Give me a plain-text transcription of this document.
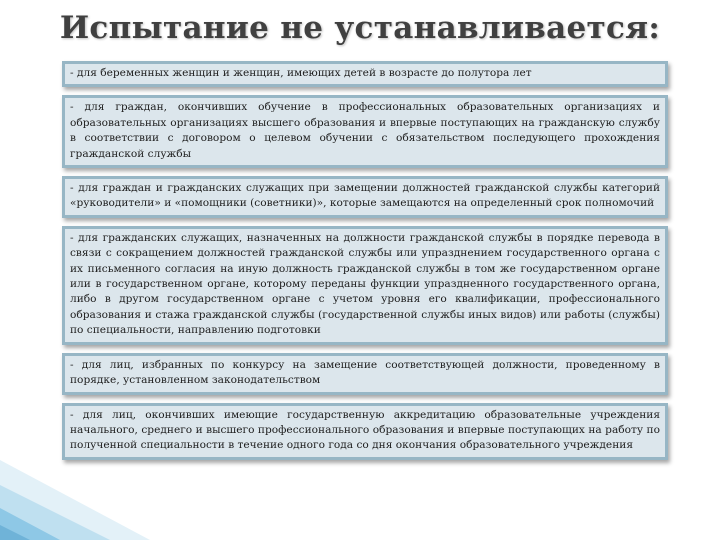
Испытание не устанавливается:
- для беременных женщин и женщин, имеющих детей в возрасте до полутора лет
- для граждан, окончивших обучение в профессиональных образовательных организациях и образовательных организациях высшего образования и впервые поступающих на гражданскую службу в соответствии с договором о целевом обучении с обязательством последующего прохождения гражданской службы
- для граждан и гражданских служащих при замещении должностей гражданской службы категорий «руководители» и «помощники (советники)», которые замещаются на определенный срок полномочий
- для гражданских служащих, назначенных на должности гражданской службы в порядке перевода в связи с сокращением должностей гражданской службы или упразднением государственного органа с их письменного согласия на иную должность гражданской службы в том же государственном органе или в государственном органе, которому переданы функции упраздненного государственного органа, либо в другом государственном органе с учетом уровня его квалификации, профессионального образования и стажа гражданской службы (государственной службы иных видов) или работы (службы) по специальности, направлению подготовки
- для лиц, избранных по конкурсу на замещение соответствующей должности, проведенному в порядке, установленном законодательством
- для лиц, окончивших имеющие государственную аккредитацию образовательные учреждения начального, среднего и высшего профессионального образования и впервые поступающих на работу по полученной специальности в течение одного года со дня окончания образовательного учреждения
